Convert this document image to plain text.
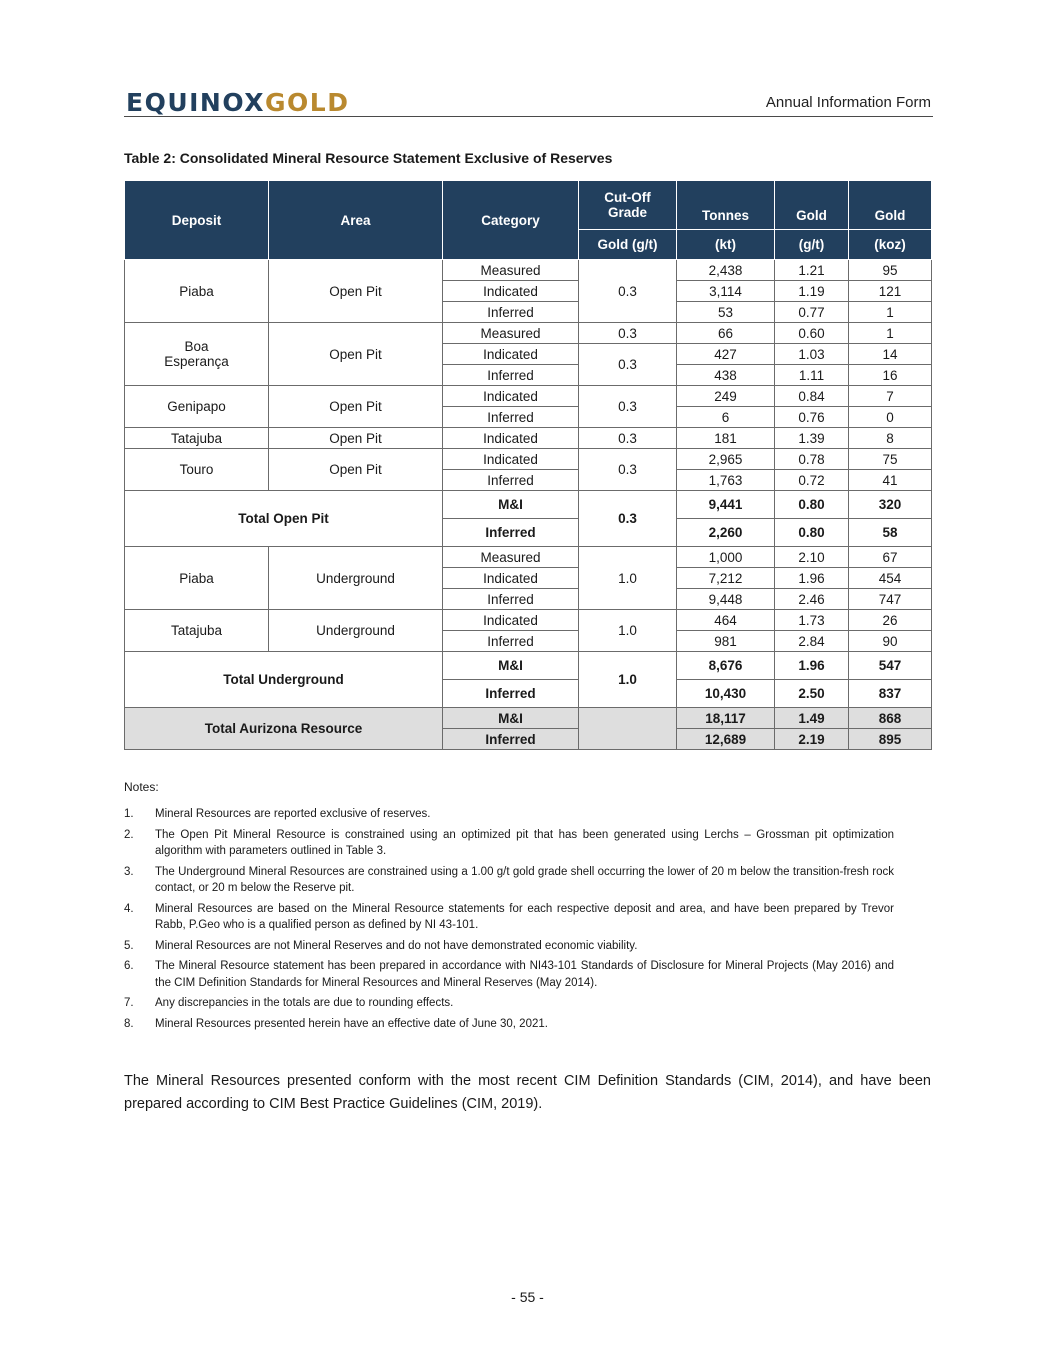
EQUINOXGOLD	Annual Information Form
Table 2: Consolidated Mineral Resource Statement Exclusive of Reserves
Deposit	Area	Category	Cut-Off Grade	Tonnes	Gold	Gold
			Gold (g/t)	(kt)	(g/t)	(koz)
Piaba	Open Pit	Measured	0.3	2,438	1.21	95
		Indicated		3,114	1.19	121
		Inferred		53	0.77	1
Boa Esperança	Open Pit	Measured	0.3	66	0.60	1
		Indicated	0.3	427	1.03	14
		Inferred		438	1.11	16
Genipapo	Open Pit	Indicated	0.3	249	0.84	7
		Inferred		6	0.76	0
Tatajuba	Open Pit	Indicated	0.3	181	1.39	8
Touro	Open Pit	Indicated	0.3	2,965	0.78	75
		Inferred		1,763	0.72	41
Total Open Pit		M&I	0.3	9,441	0.80	320
		Inferred		2,260	0.80	58
Piaba	Underground	Measured	1.0	1,000	2.10	67
		Indicated		7,212	1.96	454
		Inferred		9,448	2.46	747
Tatajuba	Underground	Indicated	1.0	464	1.73	26
		Inferred		981	2.84	90
Total Underground		M&I	1.0	8,676	1.96	547
		Inferred		10,430	2.50	837
Total Aurizona Resource		M&I		18,117	1.49	868
		Inferred		12,689	2.19	895
Notes:
1. Mineral Resources are reported exclusive of reserves.
2. The Open Pit Mineral Resource is constrained using an optimized pit that has been generated using Lerchs – Grossman pit optimization algorithm with parameters outlined in Table 3.
3. The Underground Mineral Resources are constrained using a 1.00 g/t gold grade shell occurring the lower of 20 m below the transition-fresh rock contact, or 20 m below the Reserve pit.
4. Mineral Resources are based on the Mineral Resource statements for each respective deposit and area, and have been prepared by Trevor Rabb, P.Geo who is a qualified person as defined by NI 43-101.
5. Mineral Resources are not Mineral Reserves and do not have demonstrated economic viability.
6. The Mineral Resource statement has been prepared in accordance with NI43-101 Standards of Disclosure for Mineral Projects (May 2016) and the CIM Definition Standards for Mineral Resources and Mineral Reserves (May 2014).
7. Any discrepancies in the totals are due to rounding effects.
8. Mineral Resources presented herein have an effective date of June 30, 2021.
The Mineral Resources presented conform with the most recent CIM Definition Standards (CIM, 2014), and have been prepared according to CIM Best Practice Guidelines (CIM, 2019).
- 55 -
